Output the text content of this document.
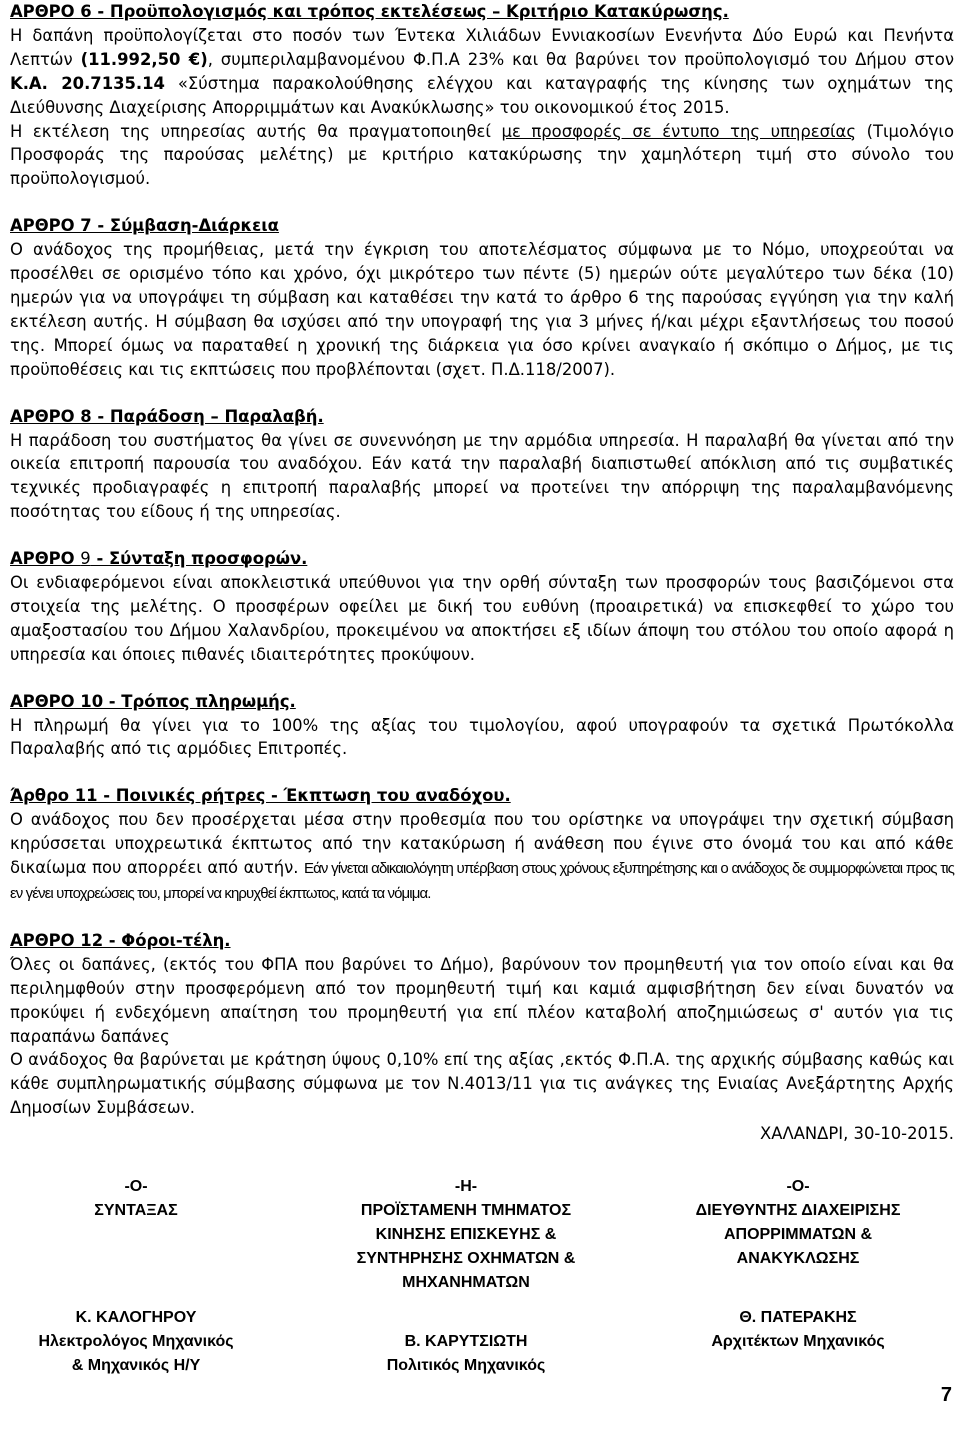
ΑΡΘΡΟ 6 - Προϋπολογισμός και τρόπος εκτελέσεως – Κριτήριο Κατακύρωσης.

Η δαπάνη προϋπολογίζεται στο ποσόν των Έντεκα Χιλιάδων Εννιακοσίων Ενενήντα Δύο Ευρώ και Πενήντα Λεπτών (11.992,50 €), συμπεριλαμβανομένου Φ.Π.Α 23% και θα βαρύνει τον προϋπολογισμό του Δήμου στον Κ.Α. 20.7135.14 «Σύστημα παρακολούθησης ελέγχου και καταγραφής της κίνησης των οχημάτων της Διεύθυνσης Διαχείρισης Απορριμμάτων και Ανακύκλωσης» του οικονομικού έτος 2015.

Η εκτέλεση της υπηρεσίας αυτής θα πραγματοποιηθεί με προσφορές σε έντυπο της υπηρεσίας (Τιμολόγιο Προσφοράς της παρούσας μελέτης) με κριτήριο κατακύρωσης την χαμηλότερη τιμή στο σύνολο του προϋπολογισμού.

ΑΡΘΡΟ 7 - Σύμβαση-Διάρκεια

Ο ανάδοχος της προμήθειας, μετά την έγκριση του αποτελέσματος σύμφωνα με το Νόμο, υποχρεούται να προσέλθει σε ορισμένο τόπο και χρόνο, όχι μικρότερο των πέντε (5) ημερών ούτε μεγαλύτερο των δέκα (10) ημερών για να υπογράψει τη σύμβαση και καταθέσει την κατά το άρθρο 6 της παρούσας εγγύηση για την καλή εκτέλεση αυτής. Η σύμβαση θα ισχύσει από την υπογραφή της για 3 μήνες ή/και μέχρι εξαντλήσεως του ποσού της. Μπορεί όμως να παραταθεί η χρονική της διάρκεια για όσο κρίνει αναγκαίο ή σκόπιμο ο Δήμος, με τις προϋποθέσεις και τις εκπτώσεις που προβλέπονται (σχετ. Π.Δ.118/2007).

ΑΡΘΡΟ 8 - Παράδοση – Παραλαβή.

Η παράδοση του συστήματος θα γίνει σε συνεννόηση με την αρμόδια υπηρεσία. Η παραλαβή θα γίνεται από την οικεία επιτροπή παρουσία του αναδόχου. Εάν κατά την παραλαβή διαπιστωθεί απόκλιση από τις συμβατικές τεχνικές προδιαγραφές η επιτροπή παραλαβής μπορεί να προτείνει την απόρριψη της παραλαμβανόμενης ποσότητας του είδους ή της υπηρεσίας.

ΑΡΘΡΟ 9 - Σύνταξη προσφορών.

Οι ενδιαφερόμενοι είναι αποκλειστικά υπεύθυνοι για την ορθή σύνταξη των προσφορών τους βασιζόμενοι στα στοιχεία της μελέτης. Ο προσφέρων οφείλει με δική του ευθύνη (προαιρετικά) να επισκεφθεί το χώρο του αμαξοστασίου του Δήμου Χαλανδρίου, προκειμένου να αποκτήσει εξ ιδίων άποψη του στόλου του οποίο αφορά η υπηρεσία και όποιες πιθανές ιδιαιτερότητες προκύψουν.

ΑΡΘΡΟ 10 - Τρόπος πληρωμής.

Η πληρωμή θα γίνει για το 100% της αξίας του τιμολογίου, αφού υπογραφούν τα σχετικά Πρωτόκολλα Παραλαβής από τις αρμόδιες Επιτροπές.

Άρθρο 11 - Ποινικές ρήτρες - Έκπτωση του αναδόχου.

Ο ανάδοχος που δεν προσέρχεται μέσα στην προθεσμία που του ορίστηκε να υπογράψει την σχετική σύμβαση κηρύσσεται υποχρεωτικά έκπτωτος από την κατακύρωση ή ανάθεση που έγινε στο όνομά του και από κάθε δικαίωμα που απορρέει από αυτήν. Εάν γίνεται αδικαιολόγητη υπέρβαση στους χρόνους εξυπηρέτησης και ο ανάδοχος δε συμμορφώνεται προς τις εν γένει υποχρεώσεις του, μπορεί να κηρυχθεί έκπτωτος, κατά τα νόμιμα.

ΑΡΘΡΟ 12 - Φόροι-τέλη.

Όλες οι δαπάνες, (εκτός του ΦΠΑ που βαρύνει το Δήμο), βαρύνουν τον προμηθευτή για τον οποίο είναι και θα περιλημφθούν στην προσφερόμενη από τον προμηθευτή τιμή και καμιά αμφισβήτηση δεν είναι δυνατόν να προκύψει ή ενδεχόμενη απαίτηση του προμηθευτή για επί πλέον καταβολή αποζημιώσεως σ' αυτόν για τις παραπάνω δαπάνες

Ο ανάδοχος θα βαρύνεται με κράτηση ύψους 0,10% επί της αξίας ,εκτός Φ.Π.Α. της αρχικής σύμβασης καθώς και κάθε συμπληρωματικής σύμβασης σύμφωνα με τον Ν.4013/11 για τις ανάγκες της Ενιαίας Ανεξάρτητης Αρχής Δημοσίων Συμβάσεων.

ΧΑΛΑΝΔΡΙ, 30-10-2015.

-Ο-
ΣΥΝΤΑΞΑΣ
-Η-
ΠΡΟΪΣΤΑΜΕΝΗ ΤΜΗΜΑΤΟΣ
ΚΙΝΗΣΗΣ ΕΠΙΣΚΕΥΗΣ &
ΣΥΝΤΗΡΗΣΗΣ ΟΧΗΜΑΤΩΝ &
ΜΗΧΑΝΗΜΑΤΩΝ
-Ο-
ΔΙΕΥΘΥΝΤΗΣ ΔΙΑΧΕΙΡΙΣΗΣ
ΑΠΟΡΡΙΜΜΑΤΩΝ &
ΑΝΑΚΥΚΛΩΣΗΣ
Κ. ΚΑΛΟΓΗΡΟΥ
Ηλεκτρολόγος Μηχανικός
& Μηχανικός Η/Υ
Β. ΚΑΡΥΤΣΙΩΤΗ
Πολιτικός Μηχανικός
Θ. ΠΑΤΕΡΑΚΗΣ
Αρχιτέκτων Μηχανικός
7
